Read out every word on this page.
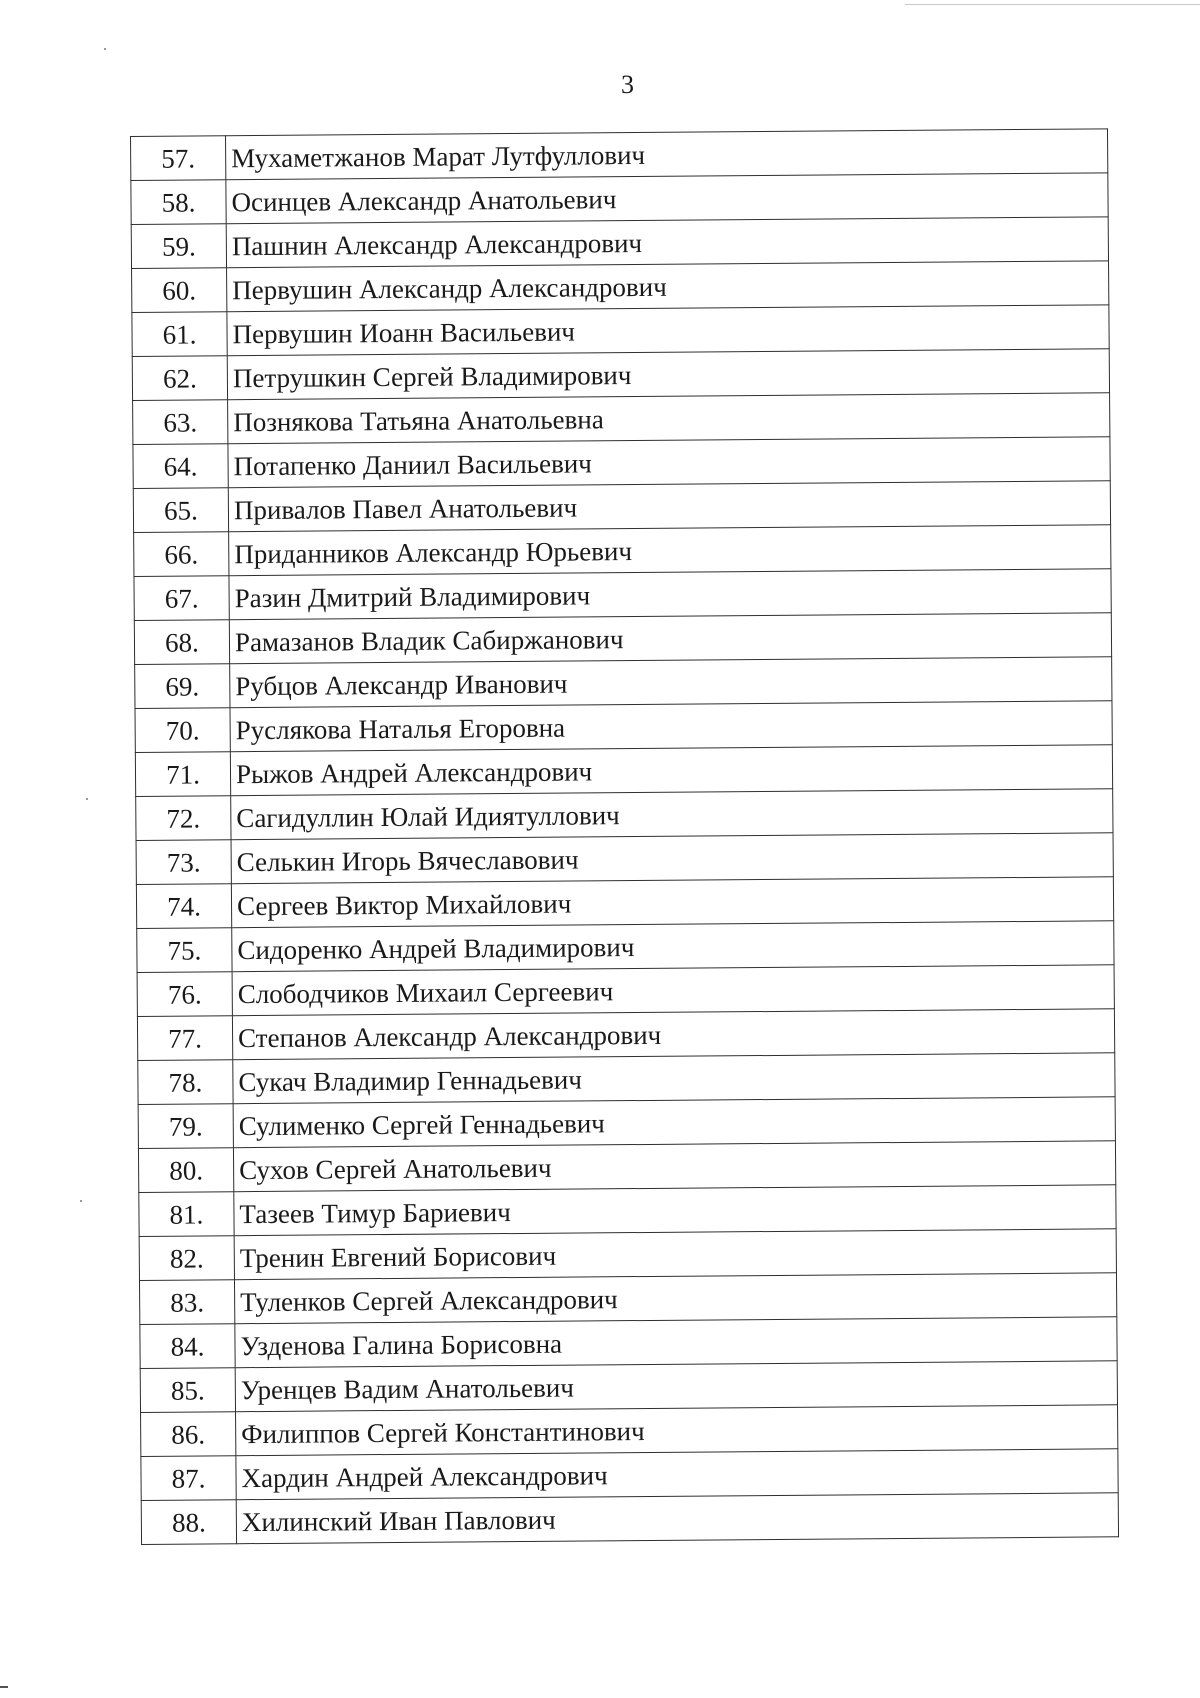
3
57.	Мухаметжанов Марат Лутфуллович
58.	Осинцев Александр Анатольевич
59.	Пашнин Александр Александрович
60.	Первушин Александр Александрович
61.	Первушин Иоанн Васильевич
62.	Петрушкин Сергей Владимирович
63.	Познякова Татьяна Анатольевна
64.	Потапенко Даниил Васильевич
65.	Привалов Павел Анатольевич
66.	Приданников Александр Юрьевич
67.	Разин Дмитрий Владимирович
68.	Рамазанов Владик Сабиржанович
69.	Рубцов Александр Иванович
70.	Руслякова Наталья Егоровна
71.	Рыжов Андрей Александрович
72.	Сагидуллин Юлай Идиятуллович
73.	Селькин Игорь Вячеславович
74.	Сергеев Виктор Михайлович
75.	Сидоренко Андрей Владимирович
76.	Слободчиков Михаил Сергеевич
77.	Степанов Александр Александрович
78.	Сукач Владимир Геннадьевич
79.	Сулименко Сергей Геннадьевич
80.	Сухов Сергей Анатольевич
81.	Тазеев Тимур Бариевич
82.	Тренин Евгений Борисович
83.	Туленков Сергей Александрович
84.	Узденова Галина Борисовна
85.	Уренцев Вадим Анатольевич
86.	Филиппов Сергей Константинович
87.	Хардин Андрей Александрович
88.	Хилинский Иван Павлович
